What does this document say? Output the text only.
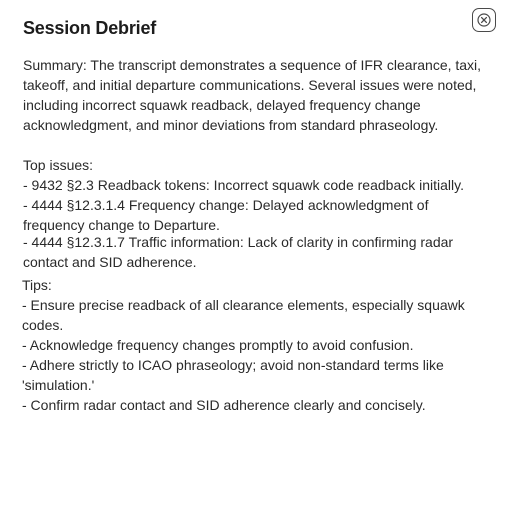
Session Debrief

Summary: The transcript demonstrates a sequence of IFR clearance, taxi, takeoff, and initial departure communications. Several issues were noted, including incorrect squawk readback, delayed frequency change acknowledgment, and minor deviations from standard phraseology.

Top issues:

- 9432 §2.3 Readback tokens: Incorrect squawk code readback initially.

- 4444 §12.3.1.4 Frequency change: Delayed acknowledgment of frequency change to Departure.

- 4444 §12.3.1.7 Traffic information: Lack of clarity in confirming radar contact and SID adherence.

Tips:

- Ensure precise readback of all clearance elements, especially squawk codes.

- Acknowledge frequency changes promptly to avoid confusion.

- Adhere strictly to ICAO phraseology; avoid non-standard terms like 'simulation.'

- Confirm radar contact and SID adherence clearly and concisely.
